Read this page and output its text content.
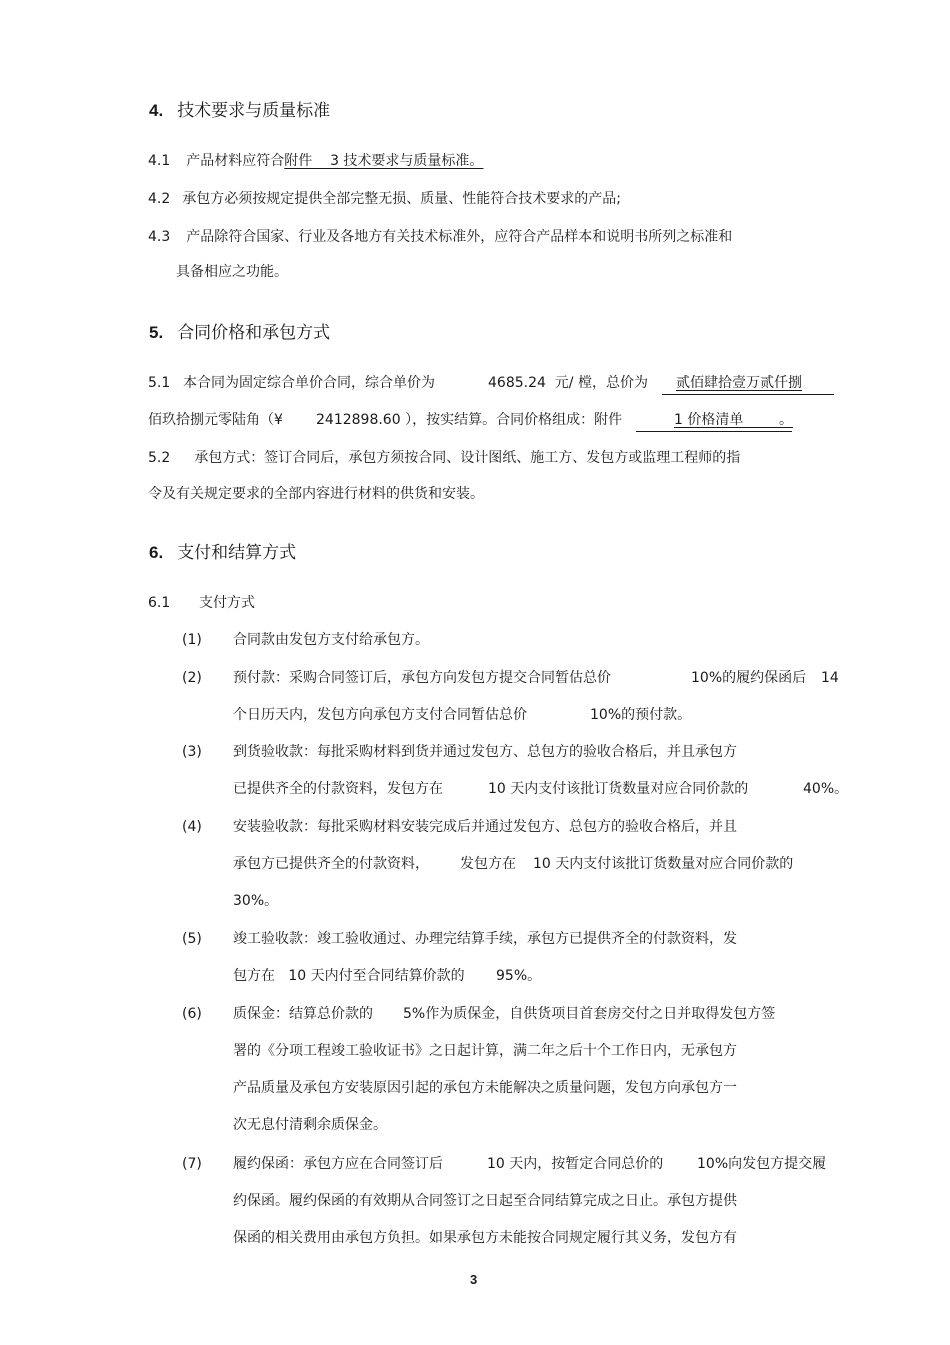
4. 技术要求与质量标准
4.1 产品材料应符合附件    3 技术要求与质量标准。
4.2 承包方必须按规定提供全部完整无损、质量、性能符合技术要求的产品;
4.3 产品除符合国家、行业及各地方有关技术标准外，应符合产品样本和说明书所列之标准和
具备相应之功能。
5. 合同价格和承包方式
5.1 本合同为固定综合单价合同，综合单价为	4685.24  元/ 樘，总价为 贰佰肆拾壹万贰仟捌
佰玖拾捌元零陆角（¥ 2412898.60 ），按实结算。合同价格组成：附件	1 价格清单        。
5.2 承包方式：签订合同后，承包方须按合同、设计图纸、施工方、发包方或监理工程师的指
令及有关规定要求的全部内容进行材料的供货和安装。
6. 支付和结算方式
6.1 支付方式
(1) 合同款由发包方支付给承包方。
(2) 预付款：采购合同签订后，承包方向发包方提交合同暂估总价	10%的履约保函后 14
个日历天内，发包方向承包方支付合同暂估总价	10%的预付款。
(3) 到货验收款：每批采购材料到货并通过发包方、总包方的验收合格后，并且承包方
已提供齐全的付款资料，发包方在	10 天内支付该批订货数量对应合同价款的	40%。
(4) 安装验收款：每批采购材料安装完成后并通过发包方、总包方的验收合格后，并且
承包方已提供齐全的付款资料， 发包方在 10 天内支付该批订货数量对应合同价款的
30%。
(5) 竣工验收款：竣工验收通过、办理完结算手续，承包方已提供齐全的付款资料，发
包方在   10 天内付至合同结算价款的 95%。
(6) 质保金：结算总价款的 5%作为质保金，自供货项目首套房交付之日并取得发包方签
署的《分项工程竣工验收证书》之日起计算，满二年之后十个工作日内，无承包方
产品质量及承包方安装原因引起的承包方未能解决之质量问题，发包方向承包方一
次无息付清剩余质保金。
(7) 履约保函：承包方应在合同签订后	10 天内，按暂定合同总价的 10%向发包方提交履
约保函。履约保函的有效期从合同签订之日起至合同结算完成之日止。承包方提供
保函的相关费用由承包方负担。如果承包方未能按合同规定履行其义务，发包方有
3
